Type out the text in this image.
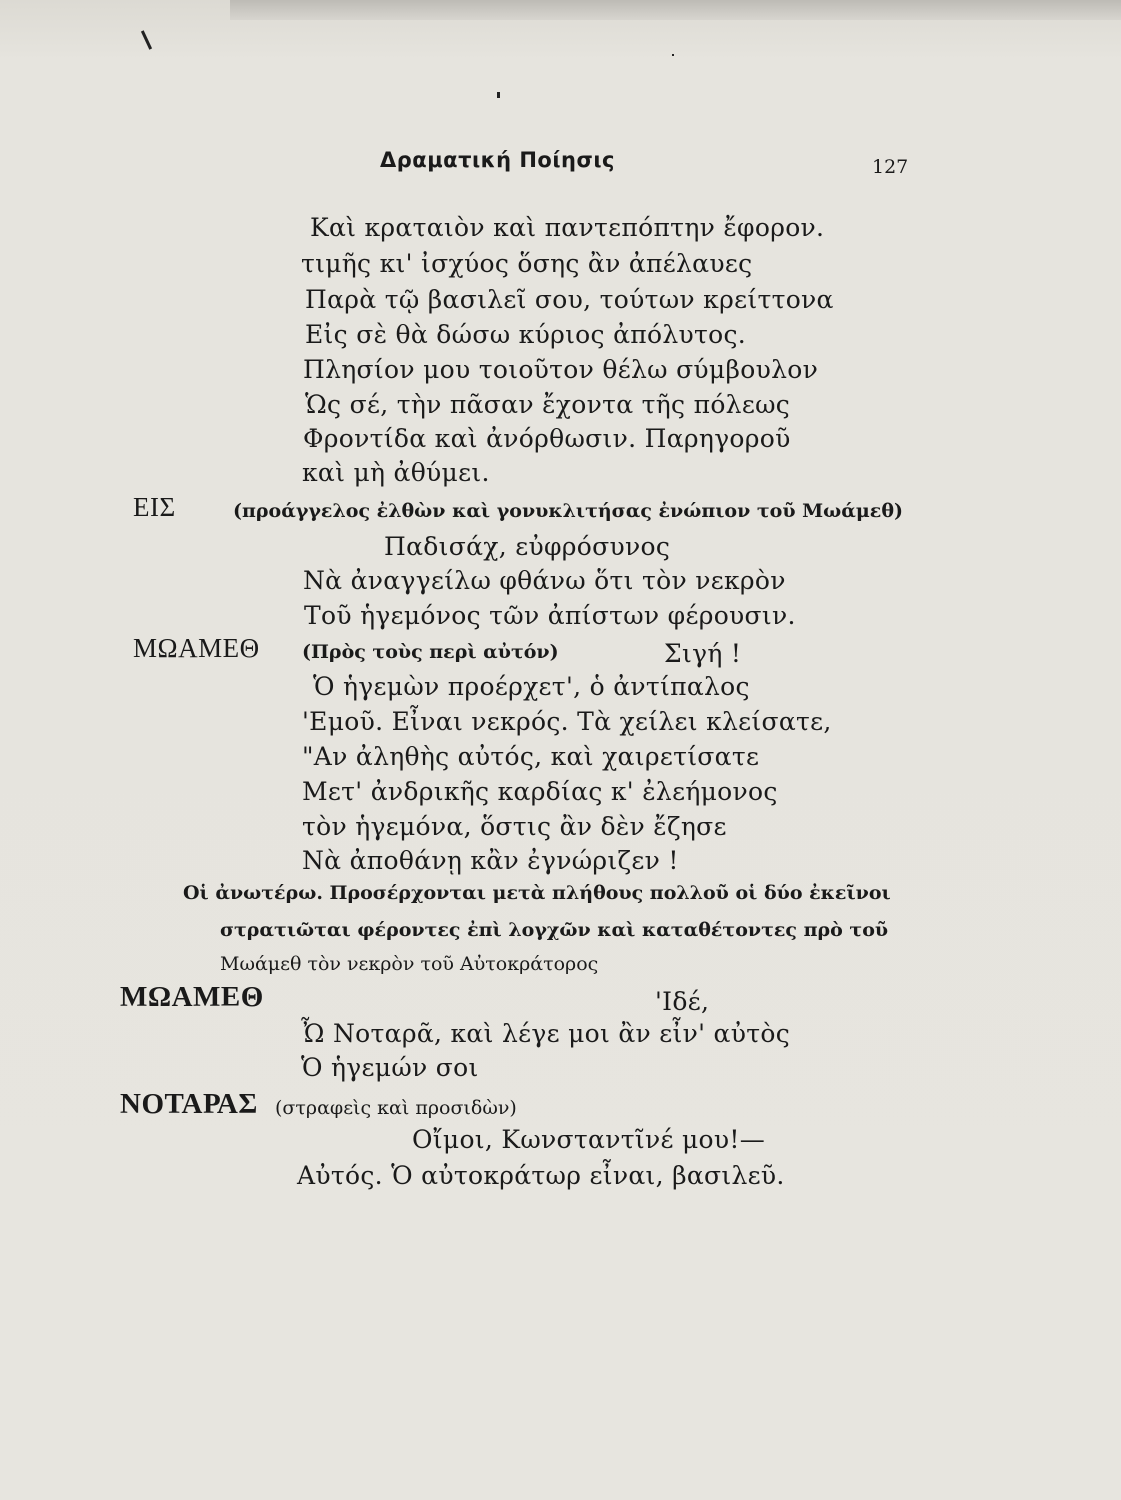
Δραματική Ποίησις	127
Καὶ κραταιὸν καὶ παντεπόπτην ἔφορον.
τιμῆς κι' ἰσχύος ὅσης ἂν ἀπέλαυες
Παρὰ τῷ βασιλεῖ σου, τούτων κρείττονα
Εἰς σὲ θὰ δώσω κύριος ἀπόλυτος.
Πλησίον μου τοιοῦτον θέλω σύμβουλον
Ὡς σέ, τὴν πᾶσαν ἔχοντα τῆς πόλεως
Φροντίδα καὶ ἀνόρθωσιν. Παρηγοροῦ
καὶ μὴ ἀθύμει.
ΕΙΣ	(προάγγελος ἐλθὼν καὶ γονυκλιτήσας ἐνώπιον τοῦ Μωάμεθ)
Παδισάχ, εὐφρόσυνος
Νὰ ἀναγγείλω φθάνω ὅτι τὸν νεκρὸν
Τοῦ ἡγεμόνος τῶν ἀπίστων φέρουσιν.
ΜΩΑΜΕΘ (Πρὸς τοὺς περὶ αὐτόν)	Σιγή !
Ὁ ἡγεμὼν προέρχετ', ὁ ἀντίπαλος
'Εμοῦ. Εἶναι νεκρός. Τὰ χείλει κλείσατε,
"Αν ἀληθὴς αὐτός, καὶ χαιρετίσατε
Μετ' ἀνδρικῆς καρδίας κ' ἐλεήμονος
τὸν ἡγεμόνα, ὅστις ἂν δὲν ἔζησε
Νὰ ἀποθάνῃ κἂν ἐγνώριζεν !
Οἱ ἀνωτέρω. Προσέρχονται μετὰ πλήθους πολλοῦ οἱ δύο ἐκεῖνοι
στρατιῶται φέροντες ἐπὶ λογχῶν καὶ καταθέτοντες πρὸ τοῦ
Μωάμεθ τὸν νεκρὸν τοῦ Αὐτοκράτορος
ΜΩΑΜΕΘ	'Ιδέ,
Ὦ Νοταρᾶ, καὶ λέγε μοι ἂν εἶν' αὐτὸς
Ὁ ἡγεμών σοι
ΝΟΤΑΡΑΣ (στραφεὶς καὶ προσιδὼν)
Οἴμοι, Κωνσταντῖνέ μου!—
Αὐτός. Ὁ αὐτοκράτωρ εἶναι, βασιλεῦ.
